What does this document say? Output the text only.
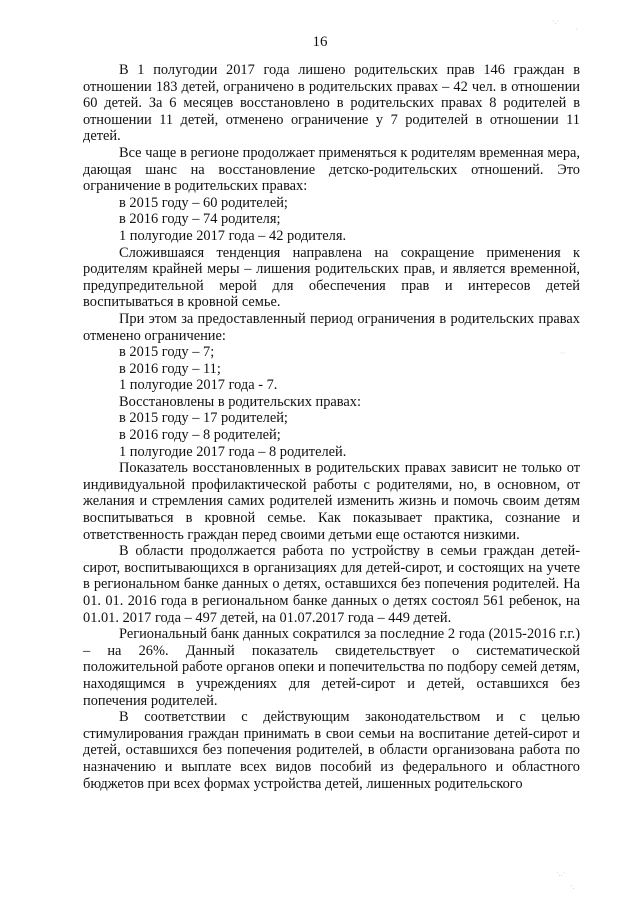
16

В 1 полугодии 2017 года лишено родительских прав 146 граждан в отношении 183 детей, ограничено в родительских правах – 42 чел. в отношении 60 детей. За 6 месяцев восстановлено в родительских правах 8 родителей в отношении 11 детей, отменено ограничение у 7 родителей в отношении 11 детей.

Все чаще в регионе продолжает применяться к родителям временная мера, дающая шанс на восстановление детско-родительских отношений. Это ограничение в родительских правах:

в 2015 году – 60 родителей;

в 2016 году – 74 родителя;

1 полугодие 2017 года – 42 родителя.

Сложившаяся тенденция направлена на сокращение применения к родителям крайней меры – лишения родительских прав, и является временной, предупредительной мерой для обеспечения прав и интересов детей воспитываться в кровной семье.

При этом за предоставленный период ограничения в родительских правах отменено ограничение:

в 2015 году – 7;

в 2016 году – 11;

1 полугодие 2017 года - 7.

Восстановлены в родительских правах:

в 2015 году – 17 родителей;

в 2016 году – 8 родителей;

1 полугодие 2017 года – 8 родителей.

Показатель восстановленных в родительских правах зависит не только от индивидуальной профилактической работы с родителями, но, в основном, от желания и стремления самих родителей изменить жизнь и помочь своим детям воспитываться в кровной семье. Как показывает практика, сознание и ответственность граждан перед своими детьми еще остаются низкими.

В области продолжается работа по устройству в семьи граждан детей-сирот, воспитывающихся в организациях для детей-сирот, и состоящих на учете в региональном банке данных о детях, оставшихся без попечения родителей. На 01. 01. 2016 года в региональном банке данных о детях состоял 561 ребенок, на 01.01. 2017 года – 497 детей, на 01.07.2017 года – 449 детей.

Региональный банк данных сократился за последние 2 года (2015-2016 г.г.) – на 26%. Данный показатель свидетельствует о систематической положительной работе органов опеки и попечительства по подбору семей детям, находящимся в учреждениях для детей-сирот и детей, оставшихся без попечения родителей.

В соответствии с действующим законодательством и с целью стимулирования граждан принимать в свои семьи на воспитание детей-сирот и детей, оставшихся без попечения родителей, в области организована работа по назначению и выплате всех видов пособий из федерального и областного бюджетов при всех формах устройства детей, лишенных родительского

·.·
·
··
·..·
·.
